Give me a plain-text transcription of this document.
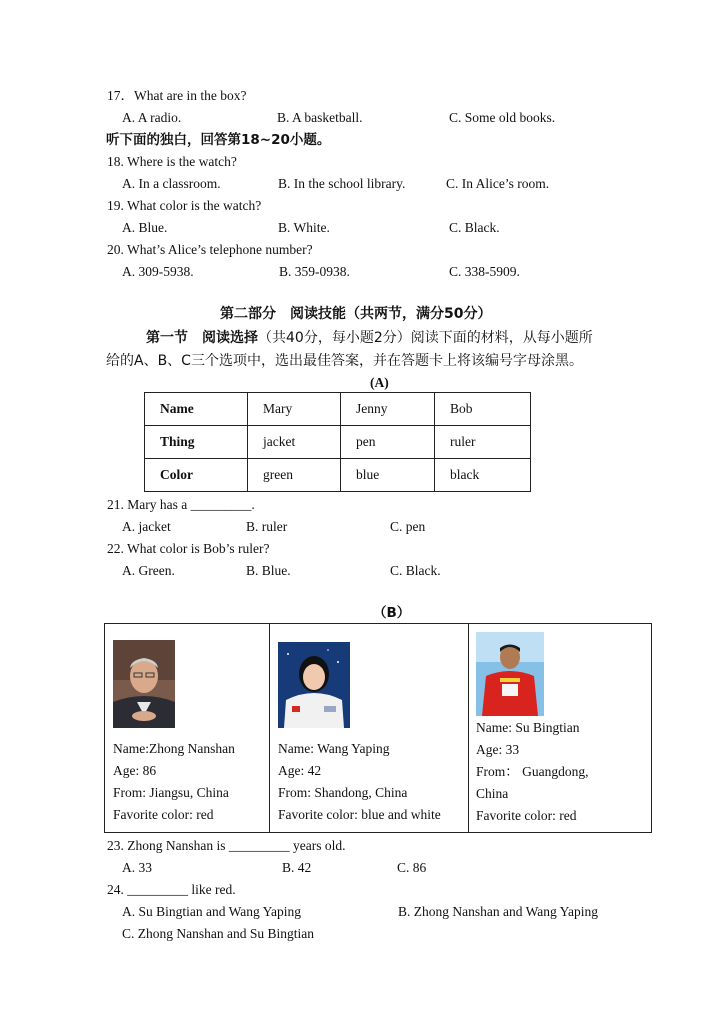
17．What are in the box?
A. A radio.	B. A basketball.	C. Some old books.
听下面的独白，回答第18~20小题。
18. Where is the watch?
A. In a classroom.	B. In the school library.	C. In Alice’s room.
19. What color is the watch?
A. Blue.	B. White.	C. Black.
20. What’s Alice’s telephone number?
A. 309-5938.	B. 359-0938.	C. 338-5909.
第二部分　阅读技能（共两节，满分50分）
第一节　阅读选择（共40分，每小题2分）阅读下面的材料，从每小题所
给的A、B、C三个选项中，选出最佳答案，并在答题卡上将该编号字母涂黑。
(A)
Name	Mary	Jenny	Bob
Thing	jacket	pen	ruler
Color	green	blue	black
21. Mary has a _________.
A. jacket	B. ruler	C. pen
22. What color is Bob’s ruler?
A. Green.	B. Blue.	C. Black.
（B）
Name:Zhong Nanshan
Age: 86
From: Jiangsu, China
Favorite color: red
Name: Wang Yaping
Age: 42
From: Shandong, China
Favorite color: blue and white
Name: Su Bingtian
Age: 33
From： Guangdong,
China
Favorite color: red
23. Zhong Nanshan is _________ years old.
A. 33	B. 42	C. 86
24. _________ like red.
A. Su Bingtian and Wang Yaping	B. Zhong Nanshan and Wang Yaping
C. Zhong Nanshan and Su Bingtian
